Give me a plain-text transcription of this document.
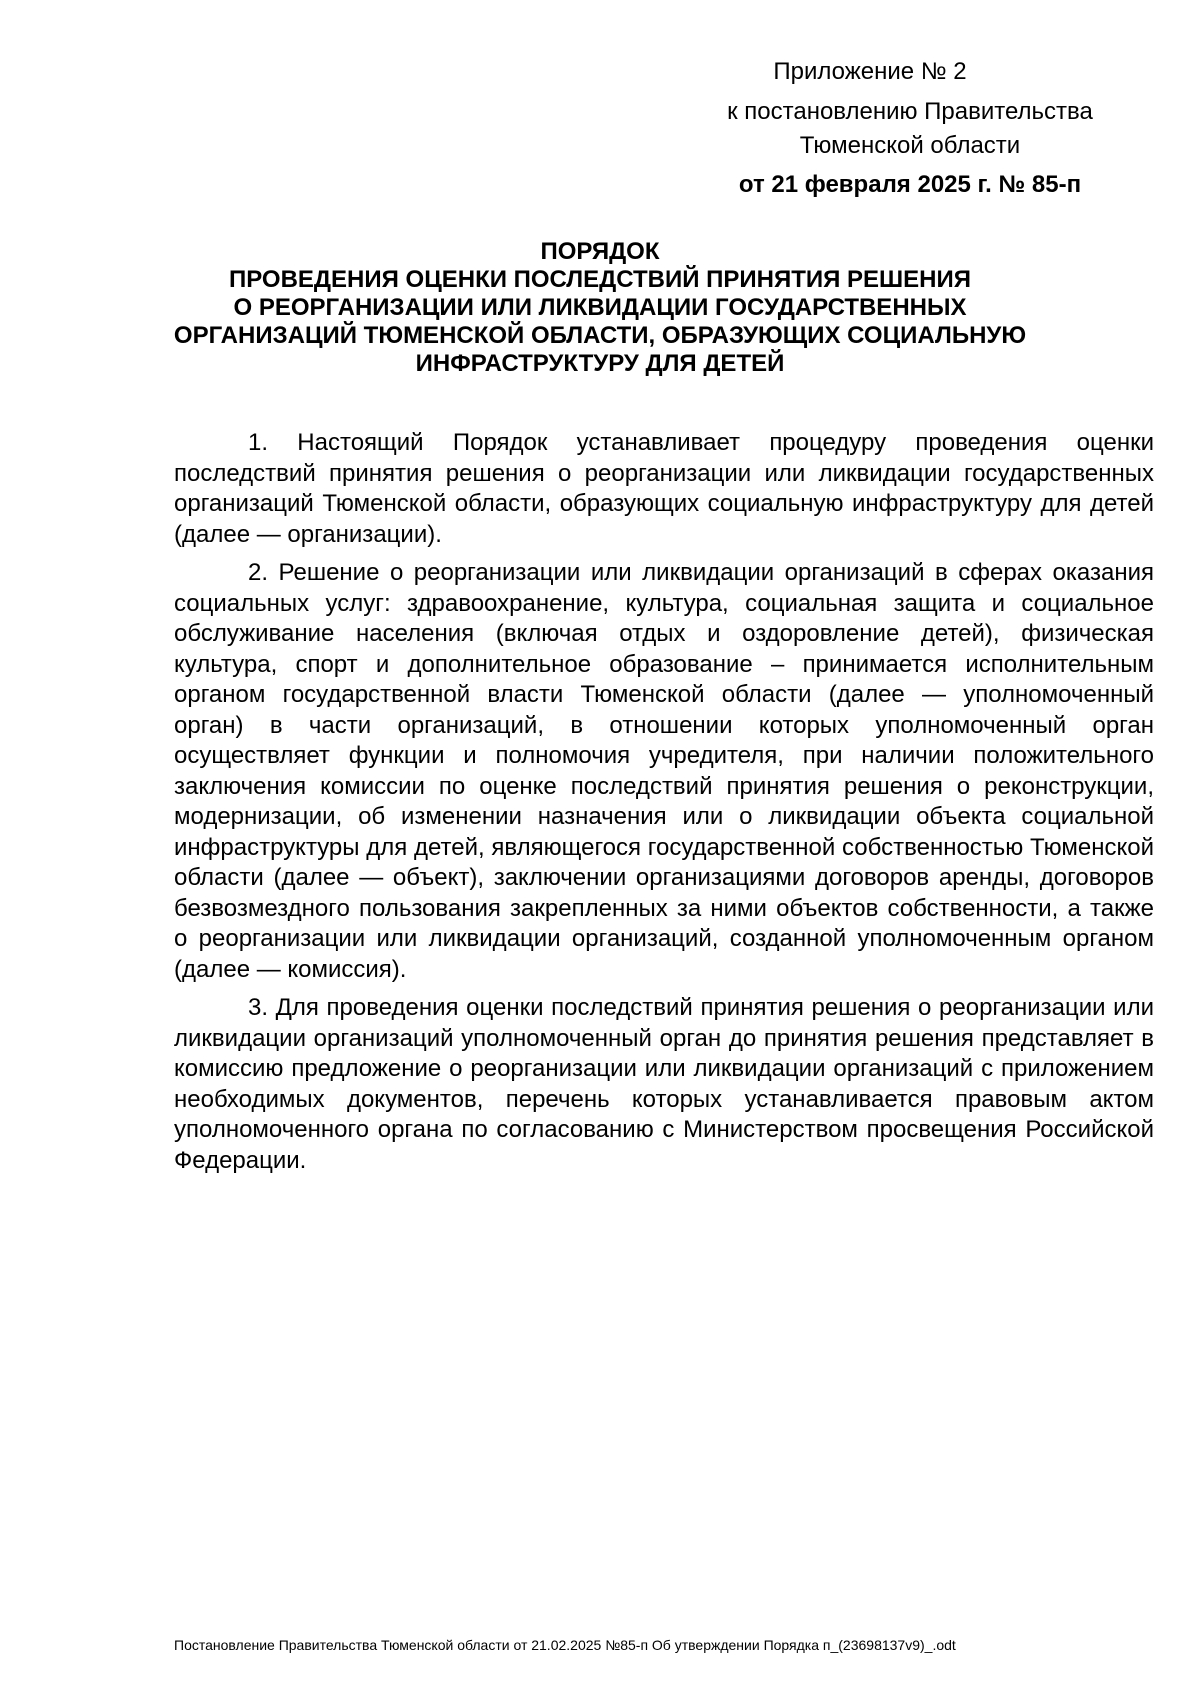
Приложение № 2
к постановлению Правительства
Тюменской области
от 21 февраля 2025 г. № 85-п
ПОРЯДОК
ПРОВЕДЕНИЯ ОЦЕНКИ ПОСЛЕДСТВИЙ ПРИНЯТИЯ РЕШЕНИЯ
О РЕОРГАНИЗАЦИИ ИЛИ ЛИКВИДАЦИИ ГОСУДАРСТВЕННЫХ
ОРГАНИЗАЦИЙ ТЮМЕНСКОЙ ОБЛАСТИ, ОБРАЗУЮЩИХ СОЦИАЛЬНУЮ
ИНФРАСТРУКТУРУ ДЛЯ ДЕТЕЙ

1. Настоящий Порядок устанавливает процедуру проведения оценки последствий принятия решения о реорганизации или ликвидации государственных организаций Тюменской области, образующих социальную инфраструктуру для детей (далее — организации).

2. Решение о реорганизации или ликвидации организаций в сферах оказания социальных услуг: здравоохранение, культура, социальная защита и социальное обслуживание населения (включая отдых и оздоровление детей), физическая культура, спорт и дополнительное образование – принимается исполнительным органом государственной власти Тюменской области (далее — уполномоченный орган) в части организаций, в отношении которых уполномоченный орган осуществляет функции и полномочия учредителя, при наличии положительного заключения комиссии по оценке последствий принятия решения о реконструкции, модернизации, об изменении назначения или о ликвидации объекта социальной инфраструктуры для детей, являющегося государственной собственностью Тюменской области (далее — объект), заключении организациями договоров аренды, договоров безвозмездного пользования закрепленных за ними объектов собственности, а также о реорганизации или ликвидации организаций, созданной уполномоченным органом (далее — комиссия).

3. Для проведения оценки последствий принятия решения о реорганизации или ликвидации организаций уполномоченный орган до принятия решения представляет в комиссию предложение о реорганизации или ликвидации организаций с приложением необходимых документов, перечень которых устанавливается правовым актом уполномоченного органа по согласованию с Министерством просвещения Российской Федерации.

Постановление Правительства Тюменской области от 21.02.2025 №85-п Об утверждении Порядка п_(23698137v9)_.odt
